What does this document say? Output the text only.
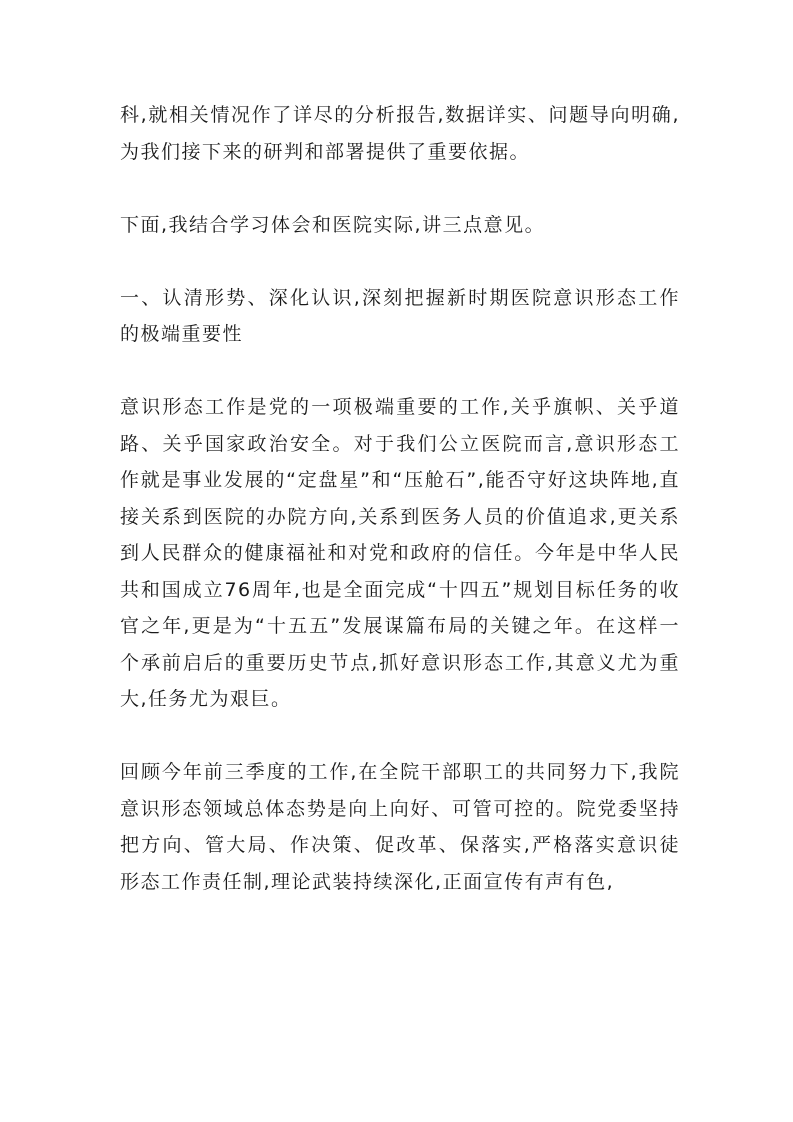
科,就相关情况作了详尽的分析报告,数据详实、问题导向明确,为我们接下来的研判和部署提供了重要依据。

下面,我结合学习体会和医院实际,讲三点意见。

一、认清形势、深化认识,深刻把握新时期医院意识形态工作的极端重要性

意识形态工作是党的一项极端重要的工作,关乎旗帜、关乎道路、关乎国家政治安全。对于我们公立医院而言,意识形态工作就是事业发展的“定盘星”和“压舱石”,能否守好这块阵地,直接关系到医院的办院方向,关系到医务人员的价值追求,更关系到人民群众的健康福祉和对党和政府的信任。今年是中华人民共和国成立76周年,也是全面完成“十四五”规划目标任务的收官之年,更是为“十五五”发展谋篇布局的关键之年。在这样一个承前启后的重要历史节点,抓好意识形态工作,其意义尤为重大,任务尤为艰巨。

回顾今年前三季度的工作,在全院干部职工的共同努力下,我院意识形态领域总体态势是向上向好、可管可控的。院党委坚持把方向、管大局、作决策、促改革、保落实,严格落实意识徒形态工作责任制,理论武装持续深化,正面宣传有声有色,
